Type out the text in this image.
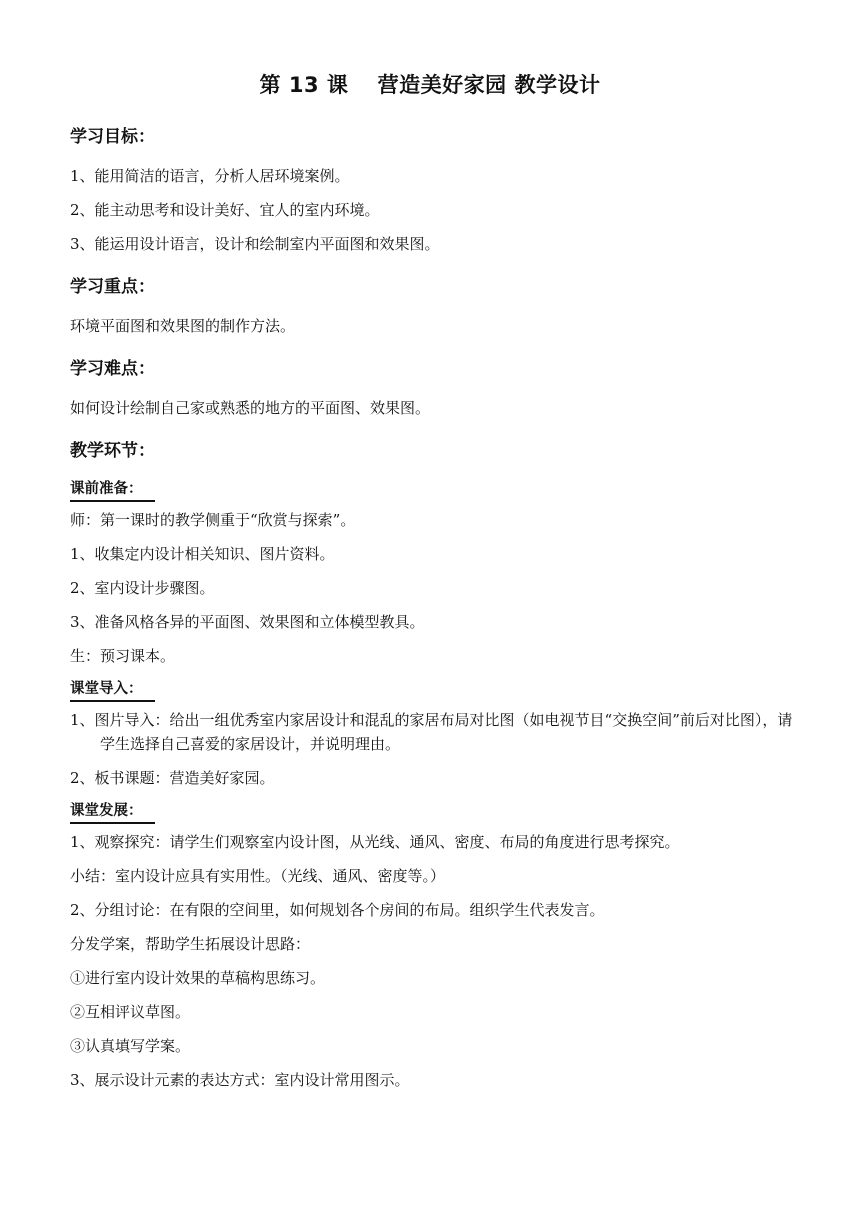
第 13 课　 营造美好家园 教学设计
学习目标：
1、能用简洁的语言，分析人居环境案例。
2、能主动思考和设计美好、宜人的室内环境。
3、能运用设计语言，设计和绘制室内平面图和效果图。
学习重点：
环境平面图和效果图的制作方法。
学习难点：
如何设计绘制自己家或熟悉的地方的平面图、效果图。
教学环节：
课前准备：
师：第一课时的教学侧重于“欣赏与探索”。
1、收集定内设计相关知识、图片资料。
2、室内设计步骤图。
3、准备风格各异的平面图、效果图和立体模型教具。
生：预习课本。
课堂导入：
1、图片导入：给出一组优秀室内家居设计和混乱的家居布局对比图（如电视节目“交换空间”前后对比图），请学生选择自己喜爱的家居设计，并说明理由。
2、板书课题：营造美好家园。
课堂发展：
1、观察探究：请学生们观察室内设计图，从光线、通风、密度、布局的角度进行思考探究。
小结：室内设计应具有实用性。（光线、通风、密度等。）
2、分组讨论：在有限的空间里，如何规划各个房间的布局。组织学生代表发言。
分发学案，帮助学生拓展设计思路：
①进行室内设计效果的草稿构思练习。
②互相评议草图。
③认真填写学案。
3、展示设计元素的表达方式：室内设计常用图示。
